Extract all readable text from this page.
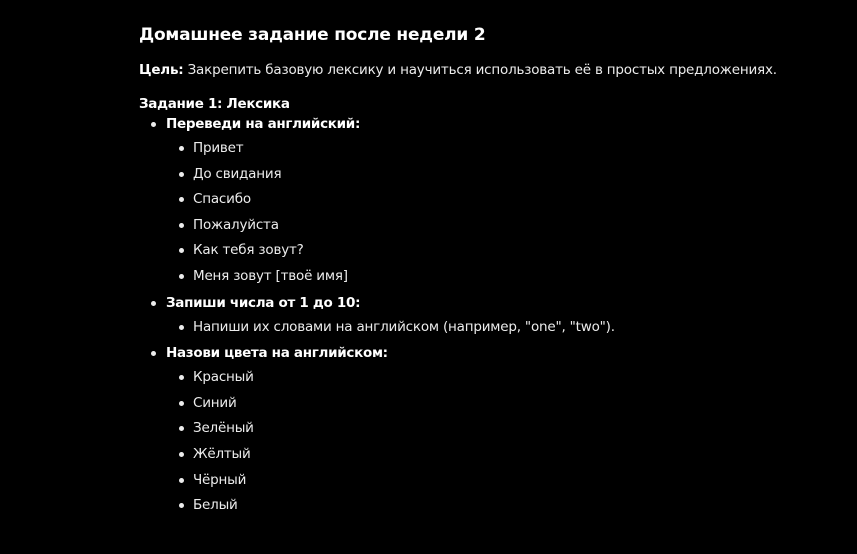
Домашнее задание после недели 2

Цель: Закрепить базовую лексику и научиться использовать её в простых предложениях.

Задание 1: Лексика
Переведи на английский:
Привет
До свидания
Спасибо
Пожалуйста
Как тебя зовут?
Меня зовут [твоё имя]
Запиши числа от 1 до 10:
Напиши их словами на английском (например, "one", "two").
Назови цвета на английском:
Красный
Синий
Зелёный
Жёлтый
Чёрный
Белый
